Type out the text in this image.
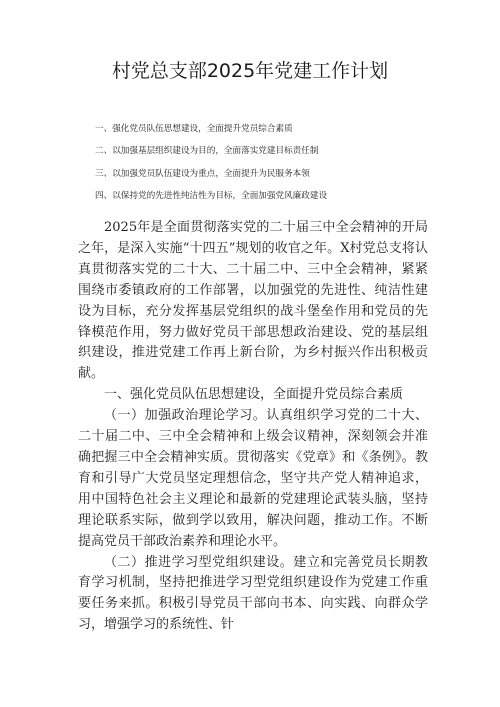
村党总支部2025年党建工作计划
一、强化党员队伍思想建设，全面提升党员综合素质
二、以加强基层组织建设为目的，全面落实党建目标责任制
三、以加强党员队伍建设为重点，全面提升为民服务本领
四、以保持党的先进性纯洁性为目标，全面加强党风廉政建设

2025年是全面贯彻落实党的二十届三中全会精神的开局之年，是深入实施“十四五”规划的收官之年。X村党总支将认真贯彻落实党的二十大、二十届二中、三中全会精神，紧紧围绕市委镇政府的工作部署，以加强党的先进性、纯洁性建设为目标，充分发挥基层党组织的战斗堡垒作用和党员的先锋模范作用，努力做好党员干部思想政治建设、党的基层组织建设，推进党建工作再上新台阶，为乡村振兴作出积极贡献。

一、强化党员队伍思想建设，全面提升党员综合素质

（一）加强政治理论学习。认真组织学习党的二十大、二十届二中、三中全会精神和上级会议精神，深刻领会并准确把握三中全会精神实质。贯彻落实《党章》和《条例》。教育和引导广大党员坚定理想信念，坚守共产党人精神追求，用中国特色社会主义理论和最新的党建理论武装头脑，坚持理论联系实际，做到学以致用，解决问题，推动工作。不断提高党员干部政治素养和理论水平。

（二）推进学习型党组织建设。建立和完善党员长期教育学习机制，坚持把推进学习型党组织建设作为党建工作重要任务来抓。积极引导党员干部向书本、向实践、向群众学习，增强学习的系统性、针
